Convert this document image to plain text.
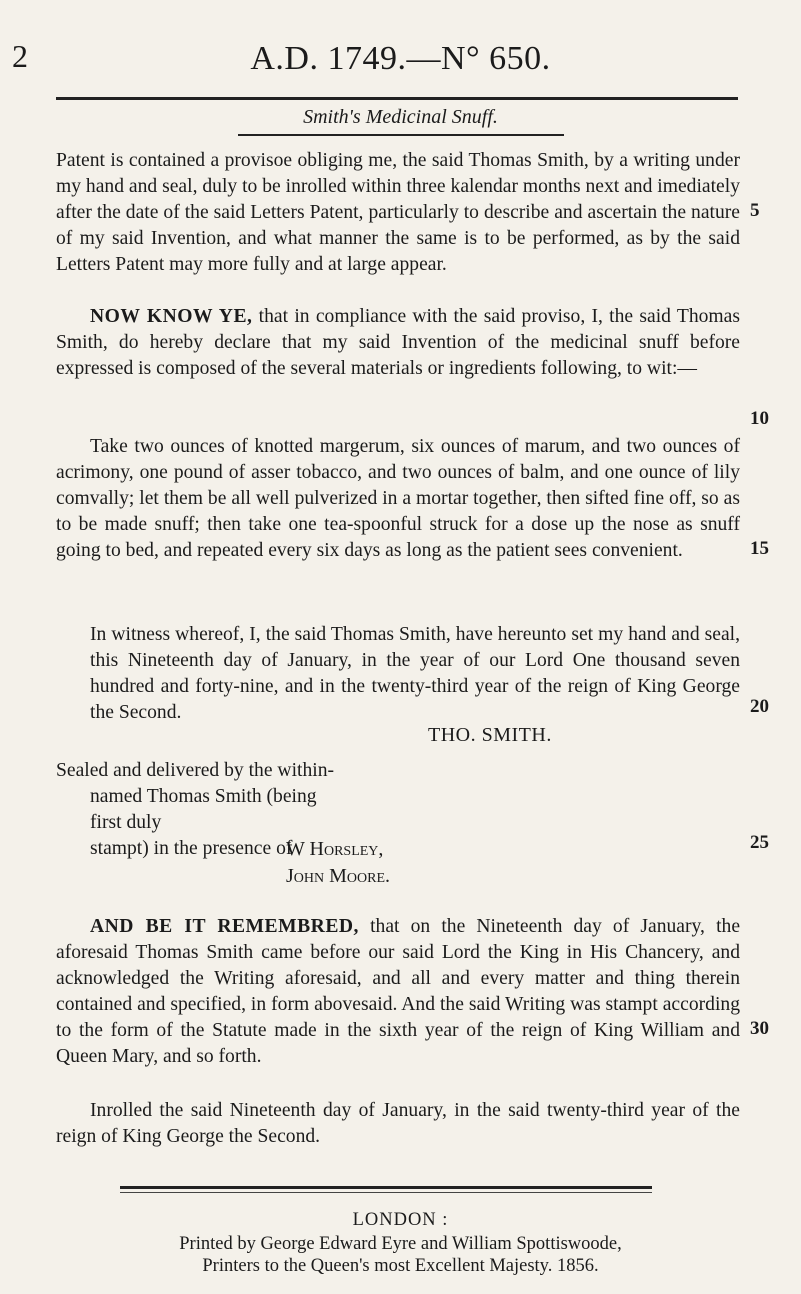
2	A.D. 1749.—N° 650.
Smith's Medicinal Snuff.

Patent is contained a provisoe obliging me, the said Thomas Smith, by a writing under my hand and seal, duly to be inrolled within three kalendar months next and imediately after the date of the said Letters Patent, particularly to describe and ascertain the nature of my said Invention, and what manner the same is to be performed, as by the said Letters Patent may more fully and at large appear.

NOW KNOW YE, that in compliance with the said proviso, I, the said Thomas Smith, do hereby declare that my said Invention of the medicinal snuff before expressed is composed of the several materials or ingredients following, to wit:—

Take two ounces of knotted margerum, six ounces of marum, and two ounces of acrimony, one pound of asser tobacco, and two ounces of balm, and one ounce of lily comvally; let them be all well pulverized in a mortar together, then sifted fine off, so as to be made snuff; then take one tea-spoonful struck for a dose up the nose as snuff going to bed, and repeated every six days as long as the patient sees convenient.

In witness whereof, I, the said Thomas Smith, have hereunto set my hand and seal, this Nineteenth day of January, in the year of our Lord One thousand seven hundred and forty-nine, and in the twenty-third year of the reign of King George the Second.

THO. SMITH.
Sealed and delivered by the within-
named Thomas Smith (being first duly
stampt) in the presence of
W Horsley,
John Moore.

AND BE IT REMEMBRED, that on the Nineteenth day of January, the aforesaid Thomas Smith came before our said Lord the King in His Chancery, and acknowledged the Writing aforesaid, and all and every matter and thing therein contained and specified, in form abovesaid. And the said Writing was stampt according to the form of the Statute made in the sixth year of the reign of King William and Queen Mary, and so forth.

Inrolled the said Nineteenth day of January, in the said twenty-third year of the reign of King George the Second.

5
10
15
20
25
30
LONDON :
Printed by George Edward Eyre and William Spottiswoode,
Printers to the Queen's most Excellent Majesty. 1856.
